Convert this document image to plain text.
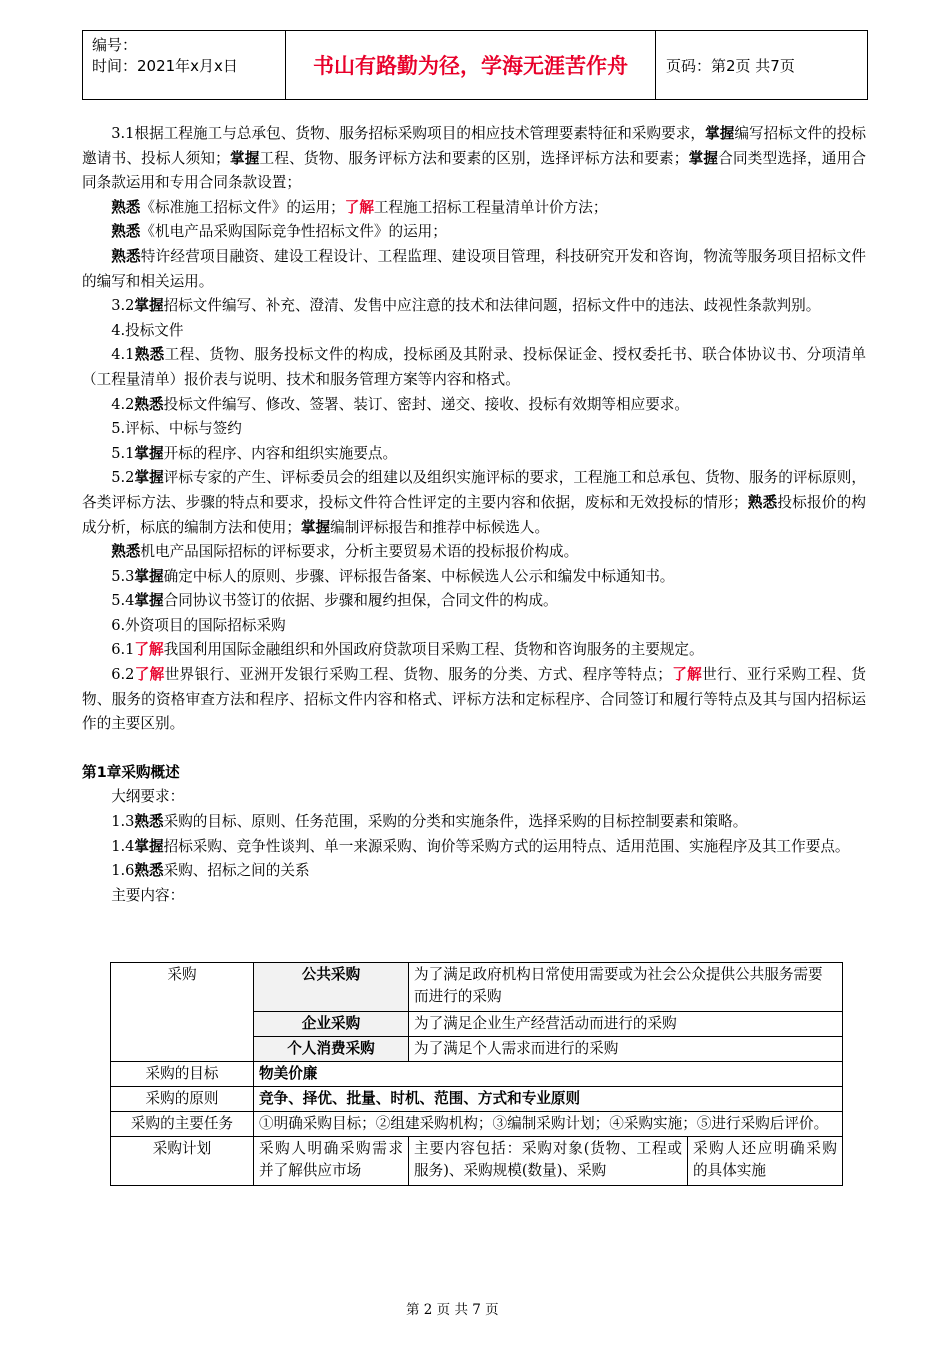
编号：
时间：2021年x月x日	书山有路勤为径，学海无涯苦作舟	页码：第2页 共7页

3.1根据工程施工与总承包、货物、服务招标采购项目的相应技术管理要素特征和采购要求，掌握编写招标文件的投标邀请书、投标人须知；掌握工程、货物、服务评标方法和要素的区别，选择评标方法和要素；掌握合同类型选择，通用合同条款运用和专用合同条款设置；

熟悉《标准施工招标文件》的运用；了解工程施工招标工程量清单计价方法；

熟悉《机电产品采购国际竞争性招标文件》的运用；

熟悉特许经营项目融资、建设工程设计、工程监理、建设项目管理，科技研究开发和咨询，物流等服务项目招标文件的编写和相关运用。

3.2掌握招标文件编写、补充、澄清、发售中应注意的技术和法律问题，招标文件中的违法、歧视性条款判别。

4.投标文件

4.1熟悉工程、货物、服务投标文件的构成，投标函及其附录、投标保证金、授权委托书、联合体协议书、分项清单（工程量清单）报价表与说明、技术和服务管理方案等内容和格式。

4.2熟悉投标文件编写、修改、签署、装订、密封、递交、接收、投标有效期等相应要求。

5.评标、中标与签约

5.1掌握开标的程序、内容和组织实施要点。

5.2掌握评标专家的产生、评标委员会的组建以及组织实施评标的要求，工程施工和总承包、货物、服务的评标原则，各类评标方法、步骤的特点和要求，投标文件符合性评定的主要内容和依据，废标和无效投标的情形；熟悉投标报价的构成分析，标底的编制方法和使用；掌握编制评标报告和推荐中标候选人。

熟悉机电产品国际招标的评标要求，分析主要贸易术语的投标报价构成。

5.3掌握确定中标人的原则、步骤、评标报告备案、中标候选人公示和编发中标通知书。

5.4掌握合同协议书签订的依据、步骤和履约担保，合同文件的构成。

6.外资项目的国际招标采购

6.1了解我国利用国际金融组织和外国政府贷款项目采购工程、货物和咨询服务的主要规定。

6.2了解世界银行、亚洲开发银行采购工程、货物、服务的分类、方式、程序等特点；了解世行、亚行采购工程、货物、服务的资格审查方法和程序、招标文件内容和格式、评标方法和定标程序、合同签订和履行等特点及其与国内招标运作的主要区别。

第1章采购概述

大纲要求：

1.3熟悉采购的目标、原则、任务范围，采购的分类和实施条件，选择采购的目标控制要素和策略。

1.4掌握招标采购、竞争性谈判、单一来源采购、询价等采购方式的运用特点、适用范围、实施程序及其工作要点。

1.6熟悉采购、招标之间的关系

主要内容：

采购	公共采购	为了满足政府机构日常使用需要或为社会公众提供公共服务需要而进行的采购	
	企业采购	为了满足企业生产经营活动而进行的采购	
	个人消费采购	为了满足个人需求而进行的采购	
采购的目标	物美价廉		
采购的原则	竞争、择优、批量、时机、范围、方式和专业原则		
采购的主要任务	①明确采购目标；②组建采购机构；③编制采购计划；④采购实施；⑤进行采购后评价。		
采购计划	采购人明确采购需求并了解供应市场	主要内容包括：采购对象(货物、工程或服务)、采购规模(数量)、采购	采购人还应明确采购的具体实施
第 2 页 共 7 页
